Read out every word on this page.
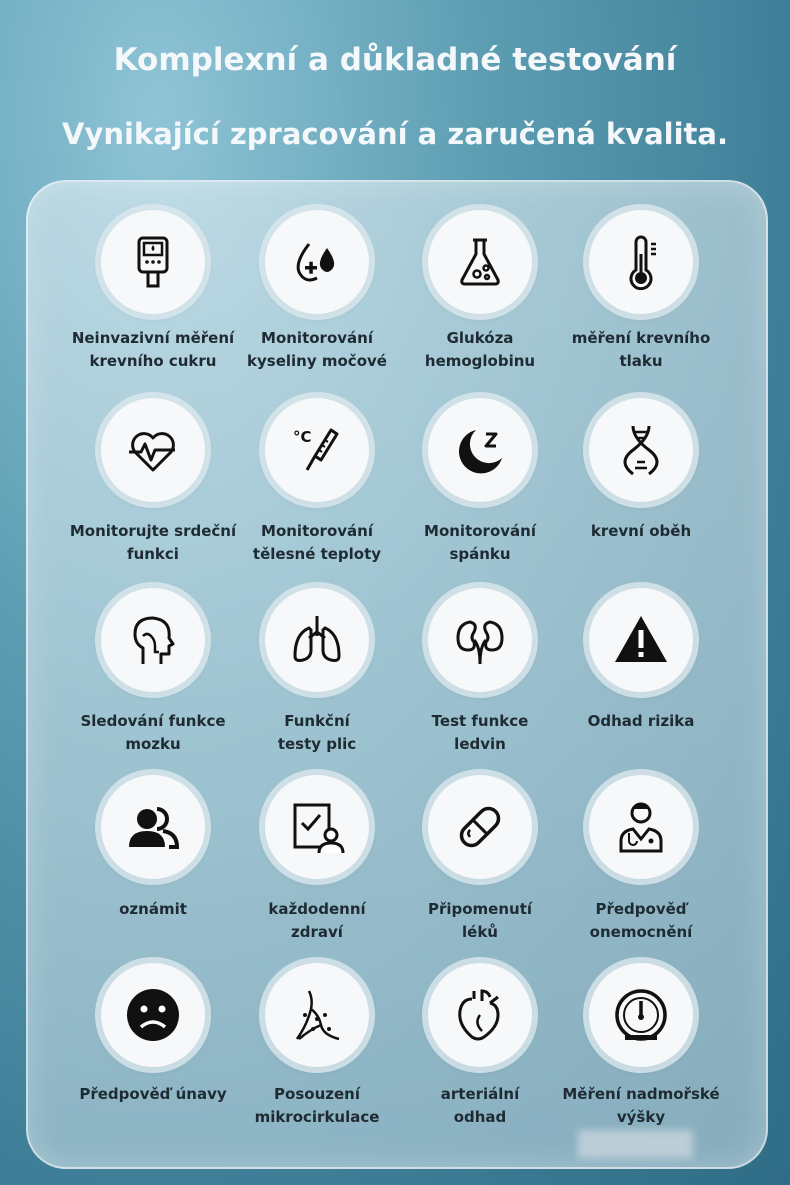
Komplexní a důkladné testování
Vynikající zpracování a zaručená kvalita.
Neinvazivní měření
krevního cukru
Monitorování
kyseliny močové
Glukóza
hemoglobinu
měření krevního
tlaku
Monitorujte srdeční
funkci
°C
Monitorování
tělesné teploty
Monitorování
spánku
krevní oběh
Sledování funkce
mozku
Funkční
testy plic
Test funkce
ledvin
Odhad rizika
oznámit	každodenní
zdraví
Připomenutí
léků
Předpověď
onemocnění
Předpověď únavy	Posouzení
mikrocirkulace
arteriální
odhad
Měření nadmořské
výšky
